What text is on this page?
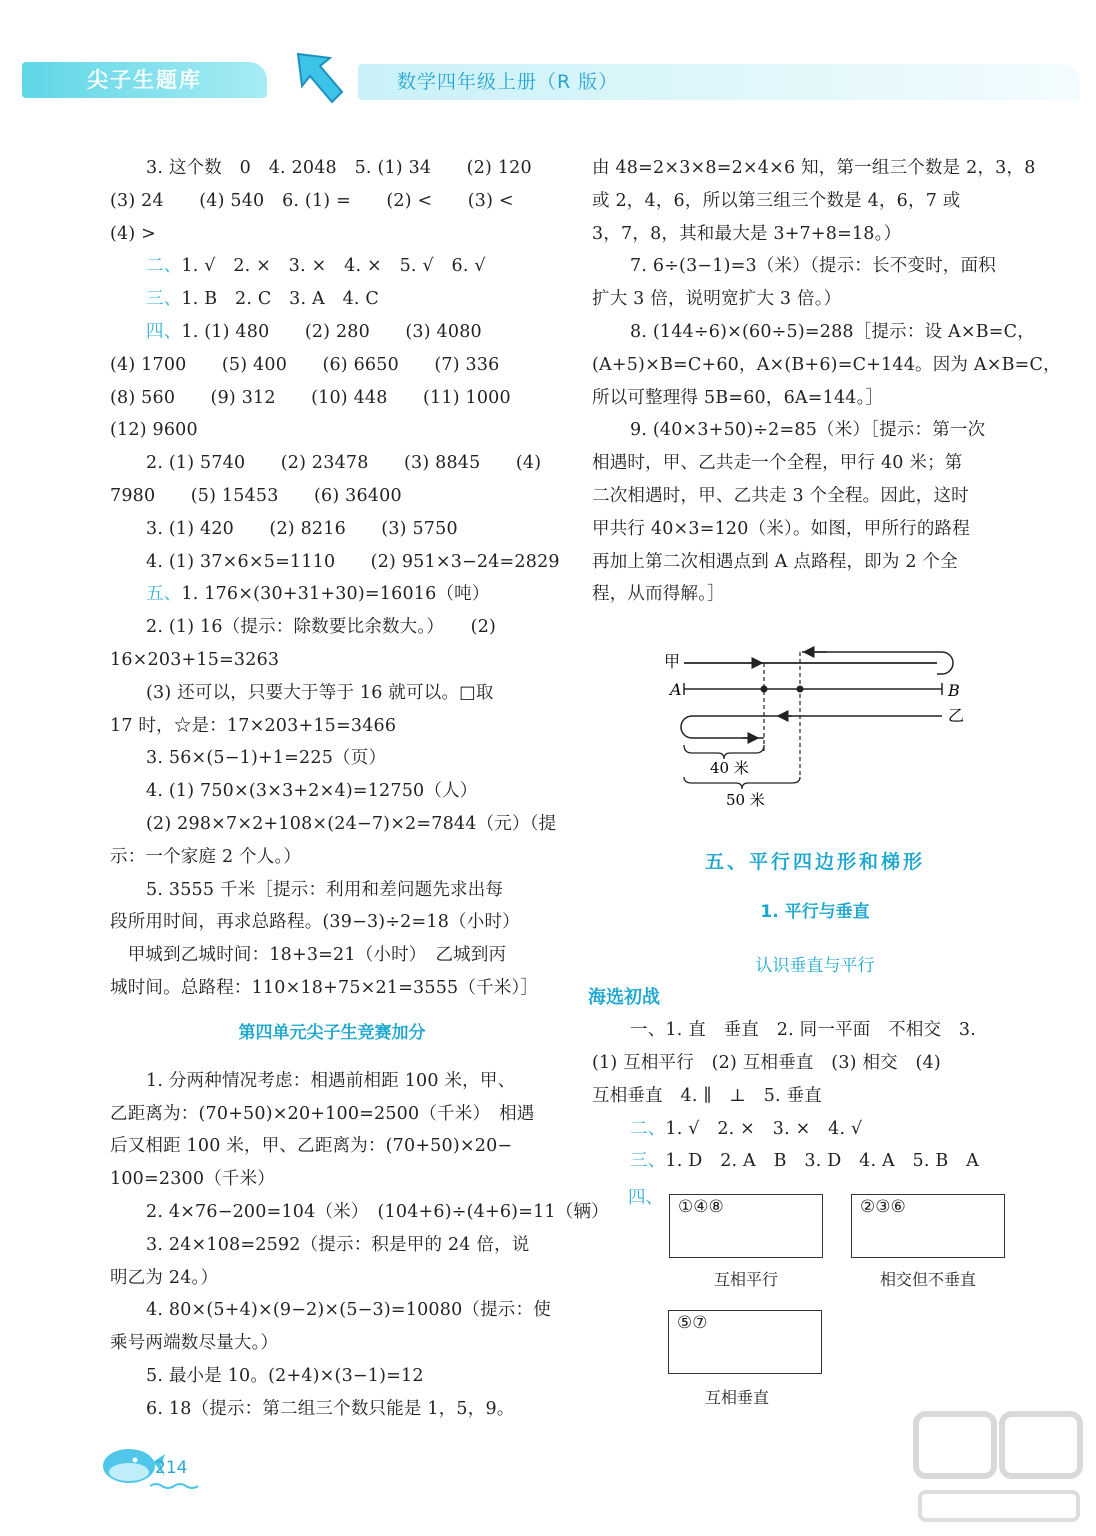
尖子生题库	数学四年级上册（R 版）
3. 这个数　0　4. 2048　5. (1) 34　　(2) 120
(3) 24　　(4) 540　6. (1) =　　(2) <　　(3) <
(4) >
二、1. √　2. ×　3. ×　4. ×　5. √　6. √
三、1. B　2. C　3. A　4. C
四、1. (1) 480　　(2) 280　　(3) 4080
(4) 1700　　(5) 400　　(6) 6650　　(7) 336
(8) 560　　(9) 312　　(10) 448　　(11) 1000
(12) 9600
2. (1) 5740　　(2) 23478　　(3) 8845　　(4)
7980　　(5) 15453　　(6) 36400
3. (1) 420　　(2) 8216　　(3) 5750
4. (1) 37×6×5=1110　　(2) 951×3−24=2829
五、1. 176×(30+31+30)=16016（吨）
2. (1) 16（提示：除数要比余数大。）　　(2)
16×203+15=3263
(3) 还可以，只要大于等于 16 就可以。□取
17 时，☆是：17×203+15=3466
3. 56×(5−1)+1=225（页）
4. (1) 750×(3×3+2×4)=12750（人）
(2) 298×7×2+108×(24−7)×2=7844（元）（提
示：一个家庭 2 个人。）
5. 3555 千米［提示：利用和差问题先求出每
段所用时间，再求总路程。(39−3)÷2=18（小时）
　甲城到乙城时间：18+3=21（小时）　乙城到丙
城时间。总路程：110×18+75×21=3555（千米）］
第四单元尖子生竞赛加分
1. 分两种情况考虑：相遇前相距 100 米，甲、
乙距离为：(70+50)×20+100=2500（千米）　相遇
后又相距 100 米，甲、乙距离为：(70+50)×20−
100=2300（千米）
2. 4×76−200=104（米）　(104+6)÷(4+6)=11（辆）
3. 24×108=2592（提示：积是甲的 24 倍，说
明乙为 24。）
4. 80×(5+4)×(9−2)×(5−3)=10080（提示：使
乘号两端数尽量大。）
5. 最小是 10。(2+4)×(3−1)=12
6. 18（提示：第二组三个数只能是 1，5，9。
由 48=2×3×8=2×4×6 知，第一组三个数是 2，3，8
或 2，4，6，所以第三组三个数是 4，6，7 或
3，7，8，其和最大是 3+7+8=18。）
7. 6÷(3−1)=3（米）（提示：长不变时，面积
扩大 3 倍，说明宽扩大 3 倍。）
8. (144÷6)×(60÷5)=288［提示：设 A×B=C，
(A+5)×B=C+60，A×(B+6)=C+144。因为 A×B=C，
所以可整理得 5B=60，6A=144。］
9. (40×3+50)÷2=85（米）［提示：第一次
相遇时，甲、乙共走一个全程，甲行 40 米；第
二次相遇时，甲、乙共走 3 个全程。因此，这时
甲共行 40×3=120（米）。如图，甲所行的路程
再加上第二次相遇点到 A 点路程，即为 2 个全
程，从而得解。］
甲
A	B
乙
40 米
50 米
五、平行四边形和梯形
1. 平行与垂直
认识垂直与平行
海选初战
一、1. 直　垂直　2. 同一平面　不相交　3.
(1) 互相平行　(2) 互相垂直　(3) 相交　(4)
互相垂直　4. ∥　⊥　5. 垂直
二、1. √　2. ×　3. ×　4. √
三、1. D　2. A　B　3. D　4. A　5. B　A
四、 ①④⑧
互相平行
②③⑥
相交但不垂直
⑤⑦
互相垂直
214
